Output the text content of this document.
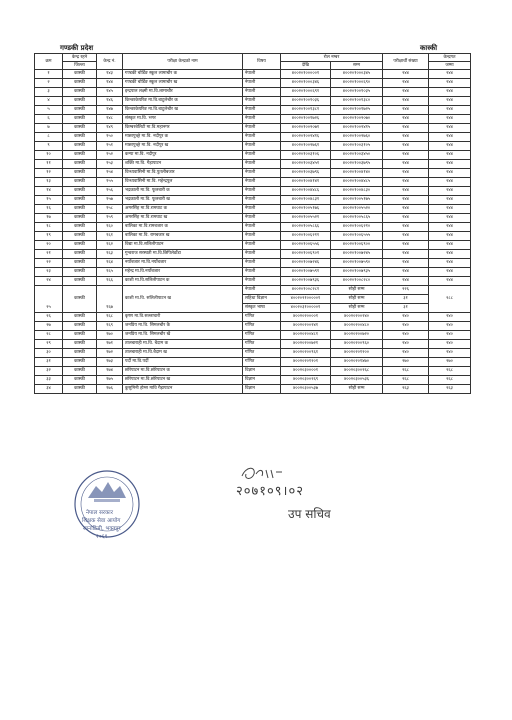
गण्डकी प्रदेश	कास्की
क्रम	केन्द्र रहने	केन्द्र नं.	परीक्षा केन्द्रको नाम	विषय	रोल नम्बर		परीक्षार्थी संख्या	केन्द्रगत
	जिल्ला				देखि	सम्म		जम्मा
१	कास्की	१४३	गण्डकी बोर्डिङ स्कूल लामाचौर क	नेपाली	४००२०१०००००१	४००२०१०००३४५	२४४	२४४
२	कास्की	१४४	गण्डकी बोर्डिङ स्कूल लामाचौर ख	नेपाली	४००२०१०००३४६	४००२०१०००६९०	२४४	२४४
३	कास्की	१४५	इन्द्रपाल लक्ष्मी मा.वि.लामाचौर	नेपाली	४००२०१०००६९१	४००२०१००१०३५	२४४	२४४
४	कास्की	१४६	किन्डरकेयरिङ मा.वि.बाटुलेचौर क	नेपाली	४००२०१००१०३६	४००२०१००१३८०	२४४	२४४
५	कास्की	१४७	किन्डरकेयरिङ मा.वि.बाटुलेचौर ख	नेपाली	४००२०१००१३८१	४००२०१००१७२५	२४४	२४४
६	कास्की	१४८	संस्कृत मा.वि. भगर	नेपाली	४००२०१००१७२६	४००२०१००२०७०	२४४	२४४
७	कास्की	१४९	किम्बरबेलिटी मा.वि.महानगर	नेपाली	४००२०१००२०७१	४००२०१००२४१५	२४४	२४४
८	कास्की	१५०	माछापुच्छ्रे मा.वि. नदीपुर क	नेपाली	४००२०१००२४१६	४००२०१००२७६०	२४४	२४४
९	कास्की	१५१	माछापुच्छ्रे मा.वि. नदीपुर ख	नेपाली	४००२०१००२७६१	४००२०१००३१०५	२४४	२४४
१०	कास्की	१५२	कन्या मा.वि. नदीपुर	नेपाली	४००२०१००३१०६	४००२०१००३४५०	२४४	२४४
११	कास्की	१५३	शक्ति मा.वि. गैह्रापाटन	नेपाली	४००२०१००३४५१	४००२०१००३७९५	२४४	२४४
१२	कास्की	१५४	विन्ध्यवासिनी मा.वि.पुतलीबजार	नेपाली	४००२०१००३७९६	४००२०१००४१४०	२४४	२४४
१३	कास्की	१५५	विन्ध्यवासिनी मा.वि. महेन्द्रपुल	नेपाली	४००२०१००४१४१	४००२०१००४४८५	२४४	२४४
१४	कास्की	१५६	भद्रकाली मा.वि. फूलबारी क	नेपाली	४००२०१००४४८६	४००२०१००४८३०	२४४	२४४
१५	कास्की	१५७	भद्रकाली मा.वि. फूलबारी ख	नेपाली	४००२०१००४८३१	४००२०१००५१७५	२४४	२४४
१६	कास्की	१५८	अमरसिंह मा.वि.रामघाट क	नेपाली	४००२०१००५१७६	४००२०१००५५२०	२४४	२४४
१७	कास्की	१५९	अमरसिंह मा.वि.रामघाट ख	नेपाली	४००२०१००५५२१	४००२०१००५८६५	२४४	२४४
१८	कास्की	१६०	बालिका मा.वि.रामबजार क	नेपाली	४००२०१००५८६६	४००२०१००६२१०	२४४	२४४
१९	कास्की	१६१	बालिका मा.वि. रामबजार ख	नेपाली	४००२०१००६२११	४००२०१००६५५५	२४४	२४४
२०	कास्की	१६२	विद्या मा.वि.सलिलीपाटन	नेपाली	४००२०१००६५५६	४००२०१००६९००	२४४	२४४
२१	कास्की	१६३	गुन्डराज सरस्वती मा.वि.छिपिलेडाँडा	नेपाली	४००२०१००६९०१	४००२०१००७२४५	२४४	२४४
२२	कास्की	१६४	नयाँबजार मा.वि.नयाँबजार	नेपाली	४००२०१००७२४६	४००२०१००७५९०	२४४	२४४
२३	कास्की	१६५	महेन्द्र मा.वि.नयाँबजार	नेपाली	४००२०१००७५९१	४००२०१००७९३५	२४४	२४४
२४	कास्की	१६६	काशी मा.वि.सलिलीपाटन क	नेपाली	४००२०१००७९३६	४००२०१००८२८०	२४४	२४४
२५	कास्की	१६७	काशी मा.वि. सलिलीपाटन ख	नेपाली	४००२०१००८२८१	सोही सम्म	२२६	२८८
				लहिथा विज्ञान	४००२०२१०००००१	सोही सम्म	३१	
				संस्कृत भाषा	४००२०३१०००००१	सोही सम्म	३१	
२६	कास्की	१६८	कृष्ण मा.वि.सल्लाघारी	गणित	४००२०२००००१	४००२०२००२४०	२४०	२४०
२७	कास्की	१६९	जनप्रिय मा.वि. सिमलचौर कै	गणित	४००२०२००२४१	४००२०२००४८०	२४०	२४०
२८	कास्की	१७०	जनप्रिय मा.वि. सिमलचौर खै	गणित	४००२०२००४८१	४००२०२००७२०	२४०	२४०
२९	कास्की	१७१	तालबाराही मा.वि. बैदाम क	गणित	४००२०२००७२१	४००२०२००९६०	२४०	२४०
३०	कास्की	१७२	तालबाराही मा.वि.बैदाम ख	गणित	४००२०२००९६१	४००२०२०१२००	२४०	२४०
३१	कास्की	१७३	पर्दी मा.वि.पर्दी	गणित	४००२०२०१२०१	४००२०२०१४७०	२७०	२७०
३२	कास्की	१७४	छोरेपाटन मा.वि.छोरेपाटन क	विज्ञान	४००२०३००००१	४००२०३००२६८	२६८	२६८
३३	कास्की	१७५	छोरेपाटन मा.वि.छोरेपाटन ख	विज्ञान	४००२०३००२६९	४००२०३००५३६	२६८	२६८
३४	कास्की	१७६	कुसुमिनी होम्स मावि गैह्रापाटन	विज्ञान	४००२०३००५३७	सोही सम्म	२६३	२६३
नेपाल सरकार
शिक्षक सेवा आयोग
सानोठिमी, भक्तपुर
२०६१
२०७१०९।०२
उप सचिव
